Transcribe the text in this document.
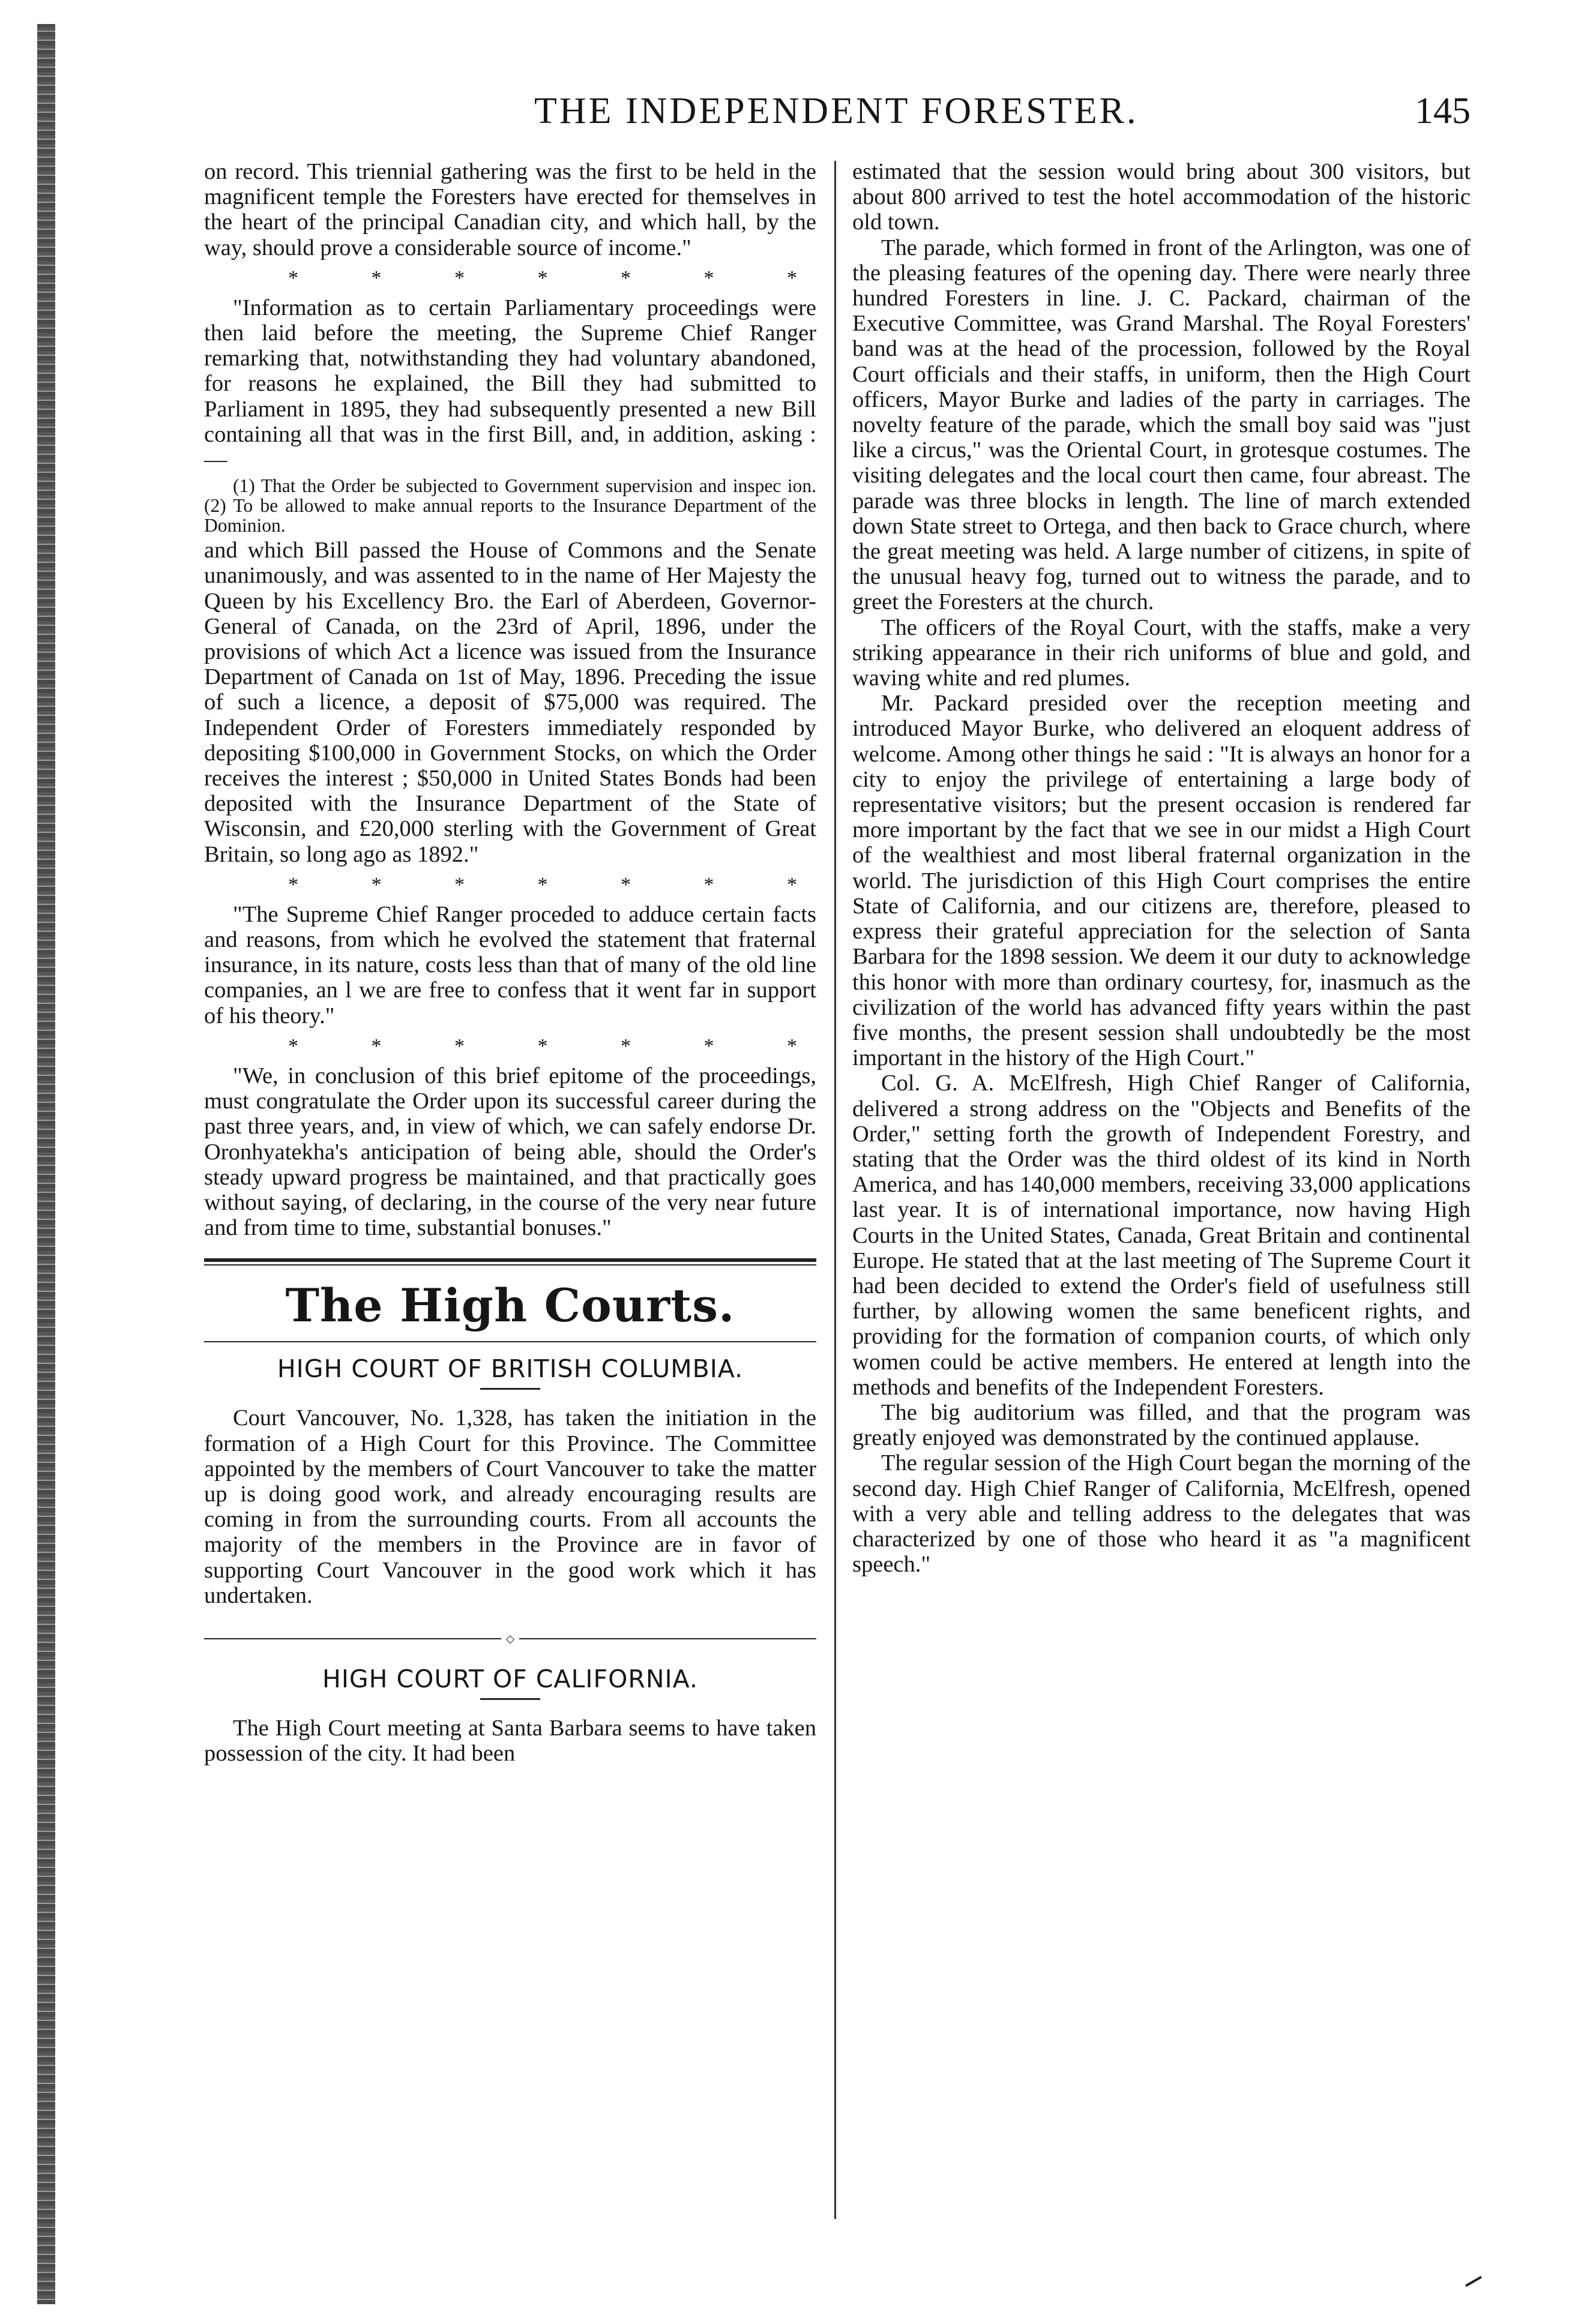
THE INDEPENDENT FORESTER.	145

on record. This triennial gathering was the first to be held in the magnificent temple the Foresters have erected for themselves in the heart of the principal Canadian city, and which hall, by the way, should prove a considerable source of income."

* * * * * * *

"Information as to certain Parliamentary proceedings were then laid before the meeting, the Supreme Chief Ranger remarking that, notwithstanding they had voluntary abandoned, for reasons he explained, the Bill they had submitted to Parliament in 1895, they had subsequently presented a new Bill containing all that was in the first Bill, and, in addition, asking :—

(1) That the Order be subjected to Government supervision and inspec ion. (2) To be allowed to make annual reports to the Insurance Department of the Dominion.

and which Bill passed the House of Commons and the Senate unanimously, and was assented to in the name of Her Majesty the Queen by his Excellency Bro. the Earl of Aberdeen, Governor-General of Canada, on the 23rd of April, 1896, under the provisions of which Act a licence was issued from the Insurance Department of Canada on 1st of May, 1896. Preceding the issue of such a licence, a deposit of $75,000 was required. The Independent Order of Foresters immediately responded by depositing $100,000 in Government Stocks, on which the Order receives the interest ; $50,000 in United States Bonds had been deposited with the Insurance Department of the State of Wisconsin, and £20,000 sterling with the Government of Great Britain, so long ago as 1892."

* * * * * * *

"The Supreme Chief Ranger proceded to adduce certain facts and reasons, from which he evolved the statement that fraternal insurance, in its nature, costs less than that of many of the old line companies, an l we are free to confess that it went far in support of his theory."

* * * * * * *

"We, in conclusion of this brief epitome of the proceedings, must congratulate the Order upon its successful career during the past three years, and, in view of which, we can safely endorse Dr. Oronhyatekha's anticipation of being able, should the Order's steady upward progress be maintained, and that practically goes without saying, of declaring, in the course of the very near future and from time to time, substantial bonuses."

The High Courts.
HIGH COURT OF BRITISH COLUMBIA.

Court Vancouver, No. 1,328, has taken the initiation in the formation of a High Court for this Province. The Committee appointed by the members of Court Vancouver to take the matter up is doing good work, and already encouraging results are coming in from the surrounding courts. From all accounts the majority of the members in the Province are in favor of supporting Court Vancouver in the good work which it has undertaken.

◇
HIGH COURT OF CALIFORNIA.

The High Court meeting at Santa Barbara seems to have taken possession of the city. It had been

estimated that the session would bring about 300 visitors, but about 800 arrived to test the hotel accommodation of the historic old town.

The parade, which formed in front of the Arlington, was one of the pleasing features of the opening day. There were nearly three hundred Foresters in line. J. C. Packard, chairman of the Executive Committee, was Grand Marshal. The Royal Foresters' band was at the head of the procession, followed by the Royal Court officials and their staffs, in uniform, then the High Court officers, Mayor Burke and ladies of the party in carriages. The novelty feature of the parade, which the small boy said was "just like a circus," was the Oriental Court, in grotesque costumes. The visiting delegates and the local court then came, four abreast. The parade was three blocks in length. The line of march extended down State street to Ortega, and then back to Grace church, where the great meeting was held. A large number of citizens, in spite of the unusual heavy fog, turned out to witness the parade, and to greet the Foresters at the church.

The officers of the Royal Court, with the staffs, make a very striking appearance in their rich uniforms of blue and gold, and waving white and red plumes.

Mr. Packard presided over the reception meeting and introduced Mayor Burke, who delivered an eloquent address of welcome. Among other things he said : "It is always an honor for a city to enjoy the privilege of entertaining a large body of representative visitors; but the present occasion is rendered far more important by the fact that we see in our midst a High Court of the wealthiest and most liberal fraternal organization in the world. The jurisdiction of this High Court comprises the entire State of California, and our citizens are, therefore, pleased to express their grateful appreciation for the selection of Santa Barbara for the 1898 session. We deem it our duty to acknowledge this honor with more than ordinary courtesy, for, inasmuch as the civilization of the world has advanced fifty years within the past five months, the present session shall undoubtedly be the most important in the history of the High Court."

Col. G. A. McElfresh, High Chief Ranger of California, delivered a strong address on the "Objects and Benefits of the Order," setting forth the growth of Independent Forestry, and stating that the Order was the third oldest of its kind in North America, and has 140,000 members, receiving 33,000 applications last year. It is of international importance, now having High Courts in the United States, Canada, Great Britain and continental Europe. He stated that at the last meeting of The Supreme Court it had been decided to extend the Order's field of usefulness still further, by allowing women the same beneficent rights, and providing for the formation of companion courts, of which only women could be active members. He entered at length into the methods and benefits of the Independent Foresters.

The big auditorium was filled, and that the program was greatly enjoyed was demonstrated by the continued applause.

The regular session of the High Court began the morning of the second day. High Chief Ranger of California, McElfresh, opened with a very able and telling address to the delegates that was characterized by one of those who heard it as "a magnificent speech."
